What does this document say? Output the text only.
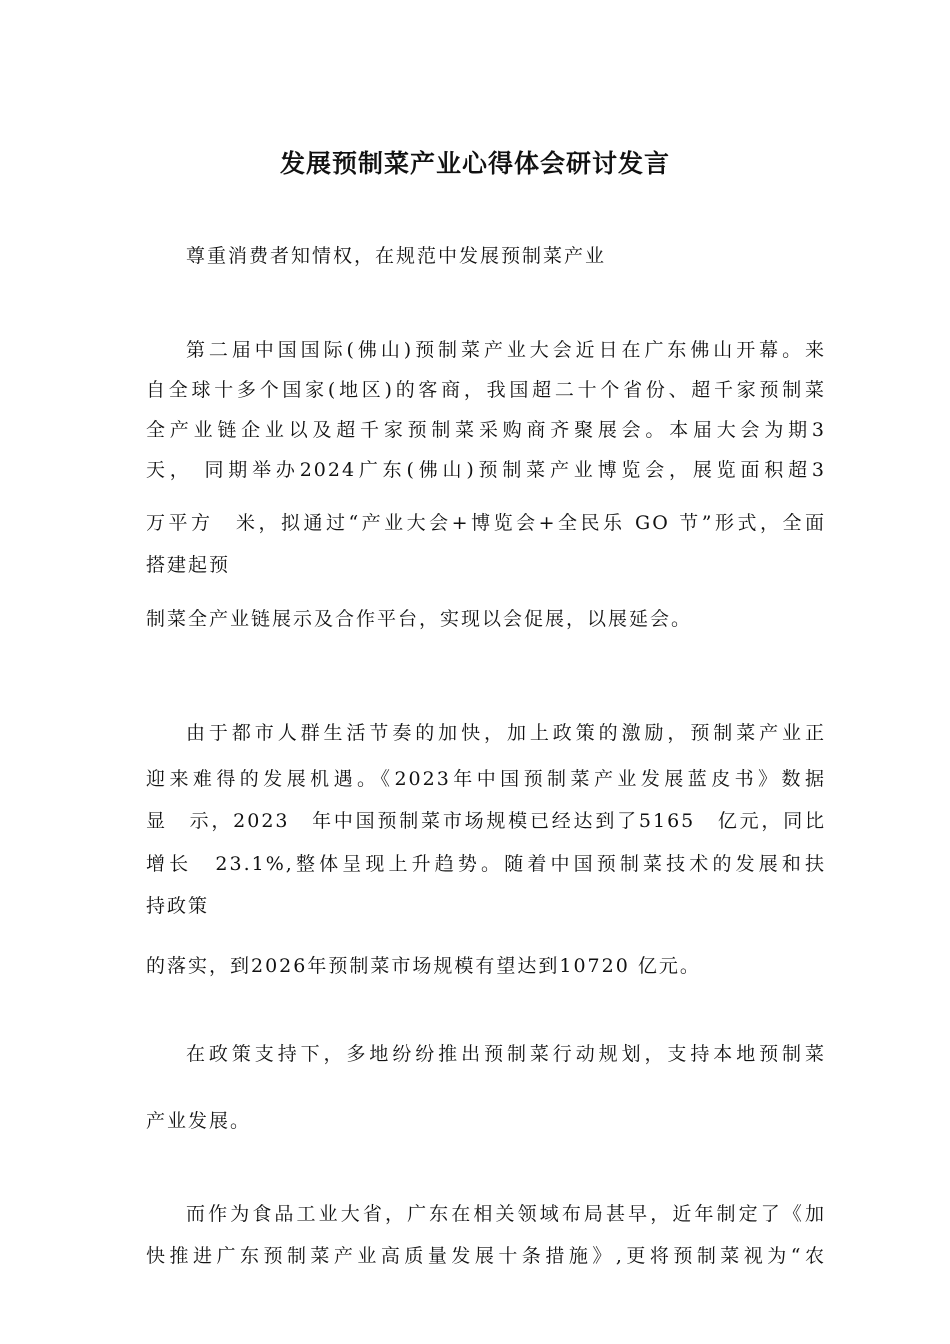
发展预制菜产业心得体会研讨发言

尊重消费者知情权，在规范中发展预制菜产业

第二届中国国际(佛山)预制菜产业大会近日在广东佛山开幕。来

自全球十多个国家(地区)的客商，我国超二十个省份、超千家预制菜

全产业链企业以及超千家预制菜采购商齐聚展会。本届大会为期3

天， 同期举办2024广东(佛山)预制菜产业博览会，展览面积超3

万平方　米，拟通过“产业大会+博览会+全民乐 GO 节”形式，全面

搭建起预

制菜全产业链展示及合作平台，实现以会促展，以展延会。

由于都市人群生活节奏的加快，加上政策的激励，预制菜产业正

迎来难得的发展机遇。《2023年中国预制菜产业发展蓝皮书》数据

显　示，2023　年中国预制菜市场规模已经达到了5165　亿元，同比

增长　23.1%,整体呈现上升趋势。随着中国预制菜技术的发展和扶

持政策

的落实，到2026年预制菜市场规模有望达到10720 亿元。

在政策支持下，多地纷纷推出预制菜行动规划，支持本地预制菜

产业发展。

而作为食品工业大省，广东在相关领域布局甚早，近年制定了《加

快推进广东预制菜产业高质量发展十条措施》,更将预制菜视为“农
